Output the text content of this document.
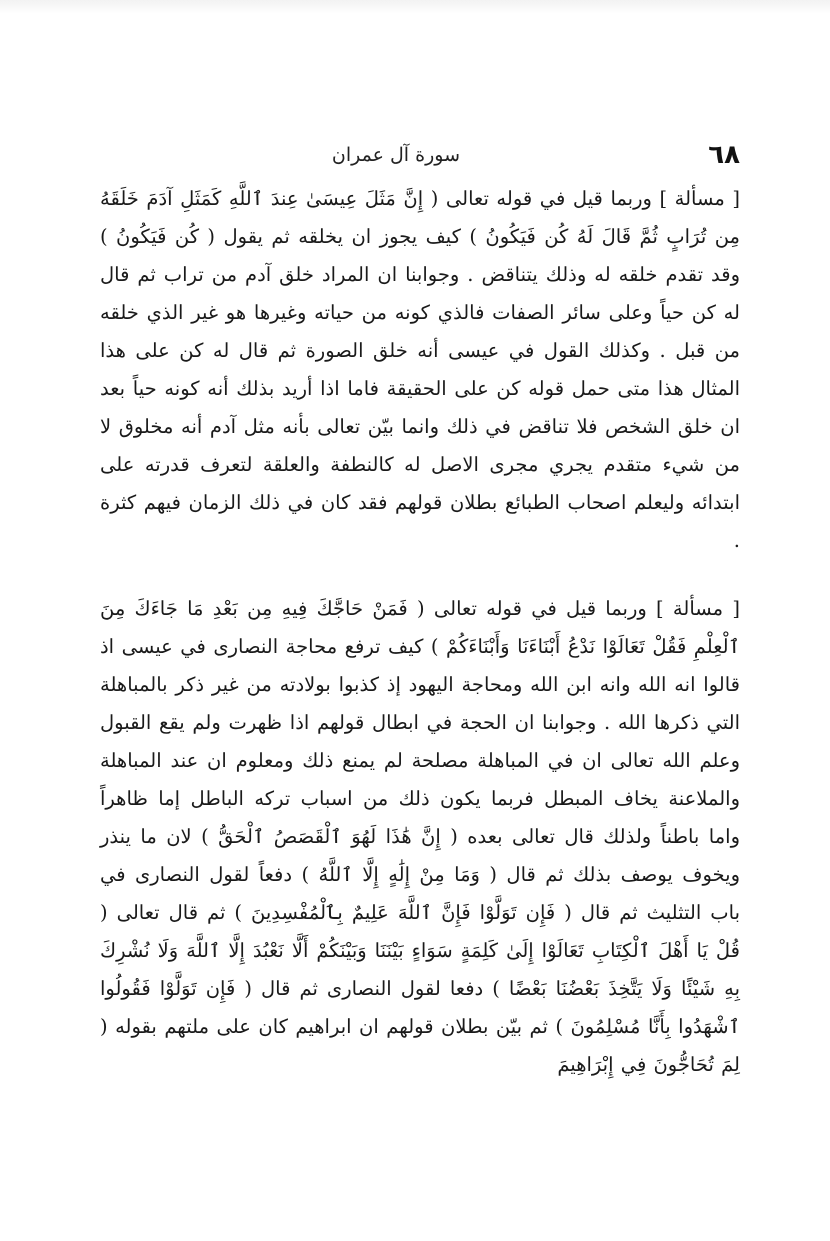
٦٨
سورة آل عمران

[ مسألة ] وربما قيل في قوله تعالى ( إِنَّ مَثَلَ عِيسَىٰ عِندَ ٱللَّهِ كَمَثَلِ آدَمَ خَلَقَهُ مِن تُرَابٍ ثُمَّ قَالَ لَهُ كُن فَيَكُونُ ) كيف يجوز ان يخلقه ثم يقول ( كُن فَيَكُونُ ) وقد تقدم خلقه له وذلك يتناقض . وجوابنا ان المراد خلق آدم من تراب ثم قال له كن حياً وعلى سائر الصفات فالذي كونه من حياته وغيرها هو غير الذي خلقه من قبل . وكذلك القول في عيسى أنه خلق الصورة ثم قال له كن على هذا المثال هذا متى حمل قوله كن على الحقيقة فاما اذا أريد بذلك أنه كونه حياً بعد ان خلق الشخص فلا تناقض في ذلك وانما بيّن تعالى بأنه مثل آدم أنه مخلوق لا من شيء متقدم يجري مجرى الاصل له كالنطفة والعلقة لتعرف قدرته على ابتدائه وليعلم اصحاب الطبائع بطلان قولهم فقد كان في ذلك الزمان فيهم كثرة .

[ مسألة ] وربما قيل في قوله تعالى ( فَمَنْ حَاجَّكَ فِيهِ مِن بَعْدِ مَا جَاءَكَ مِنَ ٱلْعِلْمِ فَقُلْ تَعَالَوْا نَدْعُ أَبْنَاءَنَا وَأَبْنَاءَكُمْ ) كيف ترفع محاجة النصارى في عيسى اذ قالوا انه الله وانه ابن الله ومحاجة اليهود إذ كذبوا بولادته من غير ذكر بالمباهلة التي ذكرها الله . وجوابنا ان الحجة في ابطال قولهم اذا ظهرت ولم يقع القبول وعلم الله تعالى ان في المباهلة مصلحة لم يمنع ذلك ومعلوم ان عند المباهلة والملاعنة يخاف المبطل فربما يكون ذلك من اسباب تركه الباطل إما ظاهراً واما باطناً ولذلك قال تعالى بعده ( إِنَّ هَٰذَا لَهُوَ ٱلْقَصَصُ ٱلْحَقُّ ) لان ما ينذر ويخوف يوصف بذلك ثم قال ( وَمَا مِنْ إِلَٰهٍ إِلَّا ٱللَّهُ ) دفعاً لقول النصارى في باب التثليث ثم قال ( فَإِن تَوَلَّوْا فَإِنَّ ٱللَّهَ عَلِيمٌ بِٱلْمُفْسِدِينَ ) ثم قال تعالى ( قُلْ يَا أَهْلَ ٱلْكِتَابِ تَعَالَوْا إِلَىٰ كَلِمَةٍ سَوَاءٍ بَيْنَنَا وَبَيْنَكُمْ أَلَّا نَعْبُدَ إِلَّا ٱللَّهَ وَلَا نُشْرِكَ بِهِ شَيْئًا وَلَا يَتَّخِذَ بَعْضُنَا بَعْضًا ) دفعا لقول النصارى ثم قال ( فَإِن تَوَلَّوْا فَقُولُوا ٱشْهَدُوا بِأَنَّا مُسْلِمُونَ ) ثم بيّن بطلان قولهم ان ابراهيم كان على ملتهم بقوله ( لِمَ تُحَاجُّونَ فِي إِبْرَاهِيمَ
